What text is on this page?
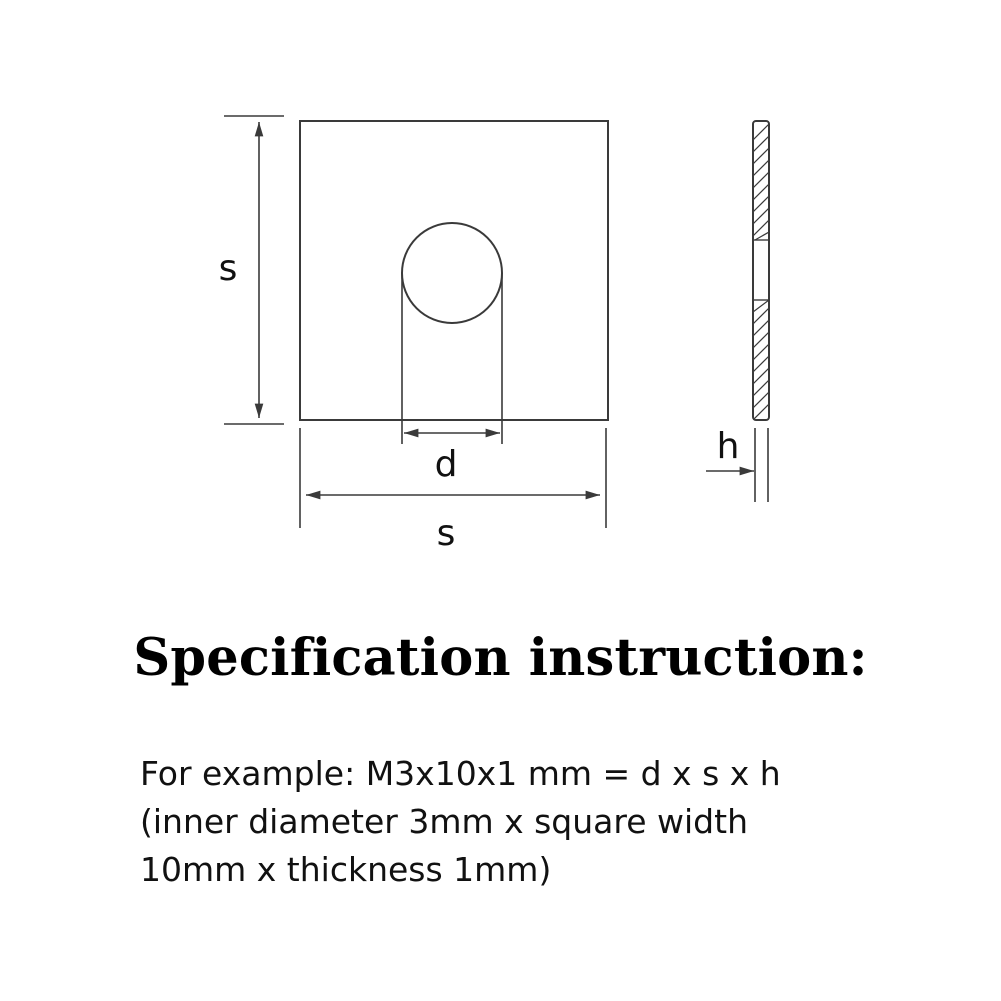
d
s
s
h
Specification instruction:
For example: M3x10x1 mm = d x s x h
(inner diameter 3mm x square width
10mm x thickness 1mm)
